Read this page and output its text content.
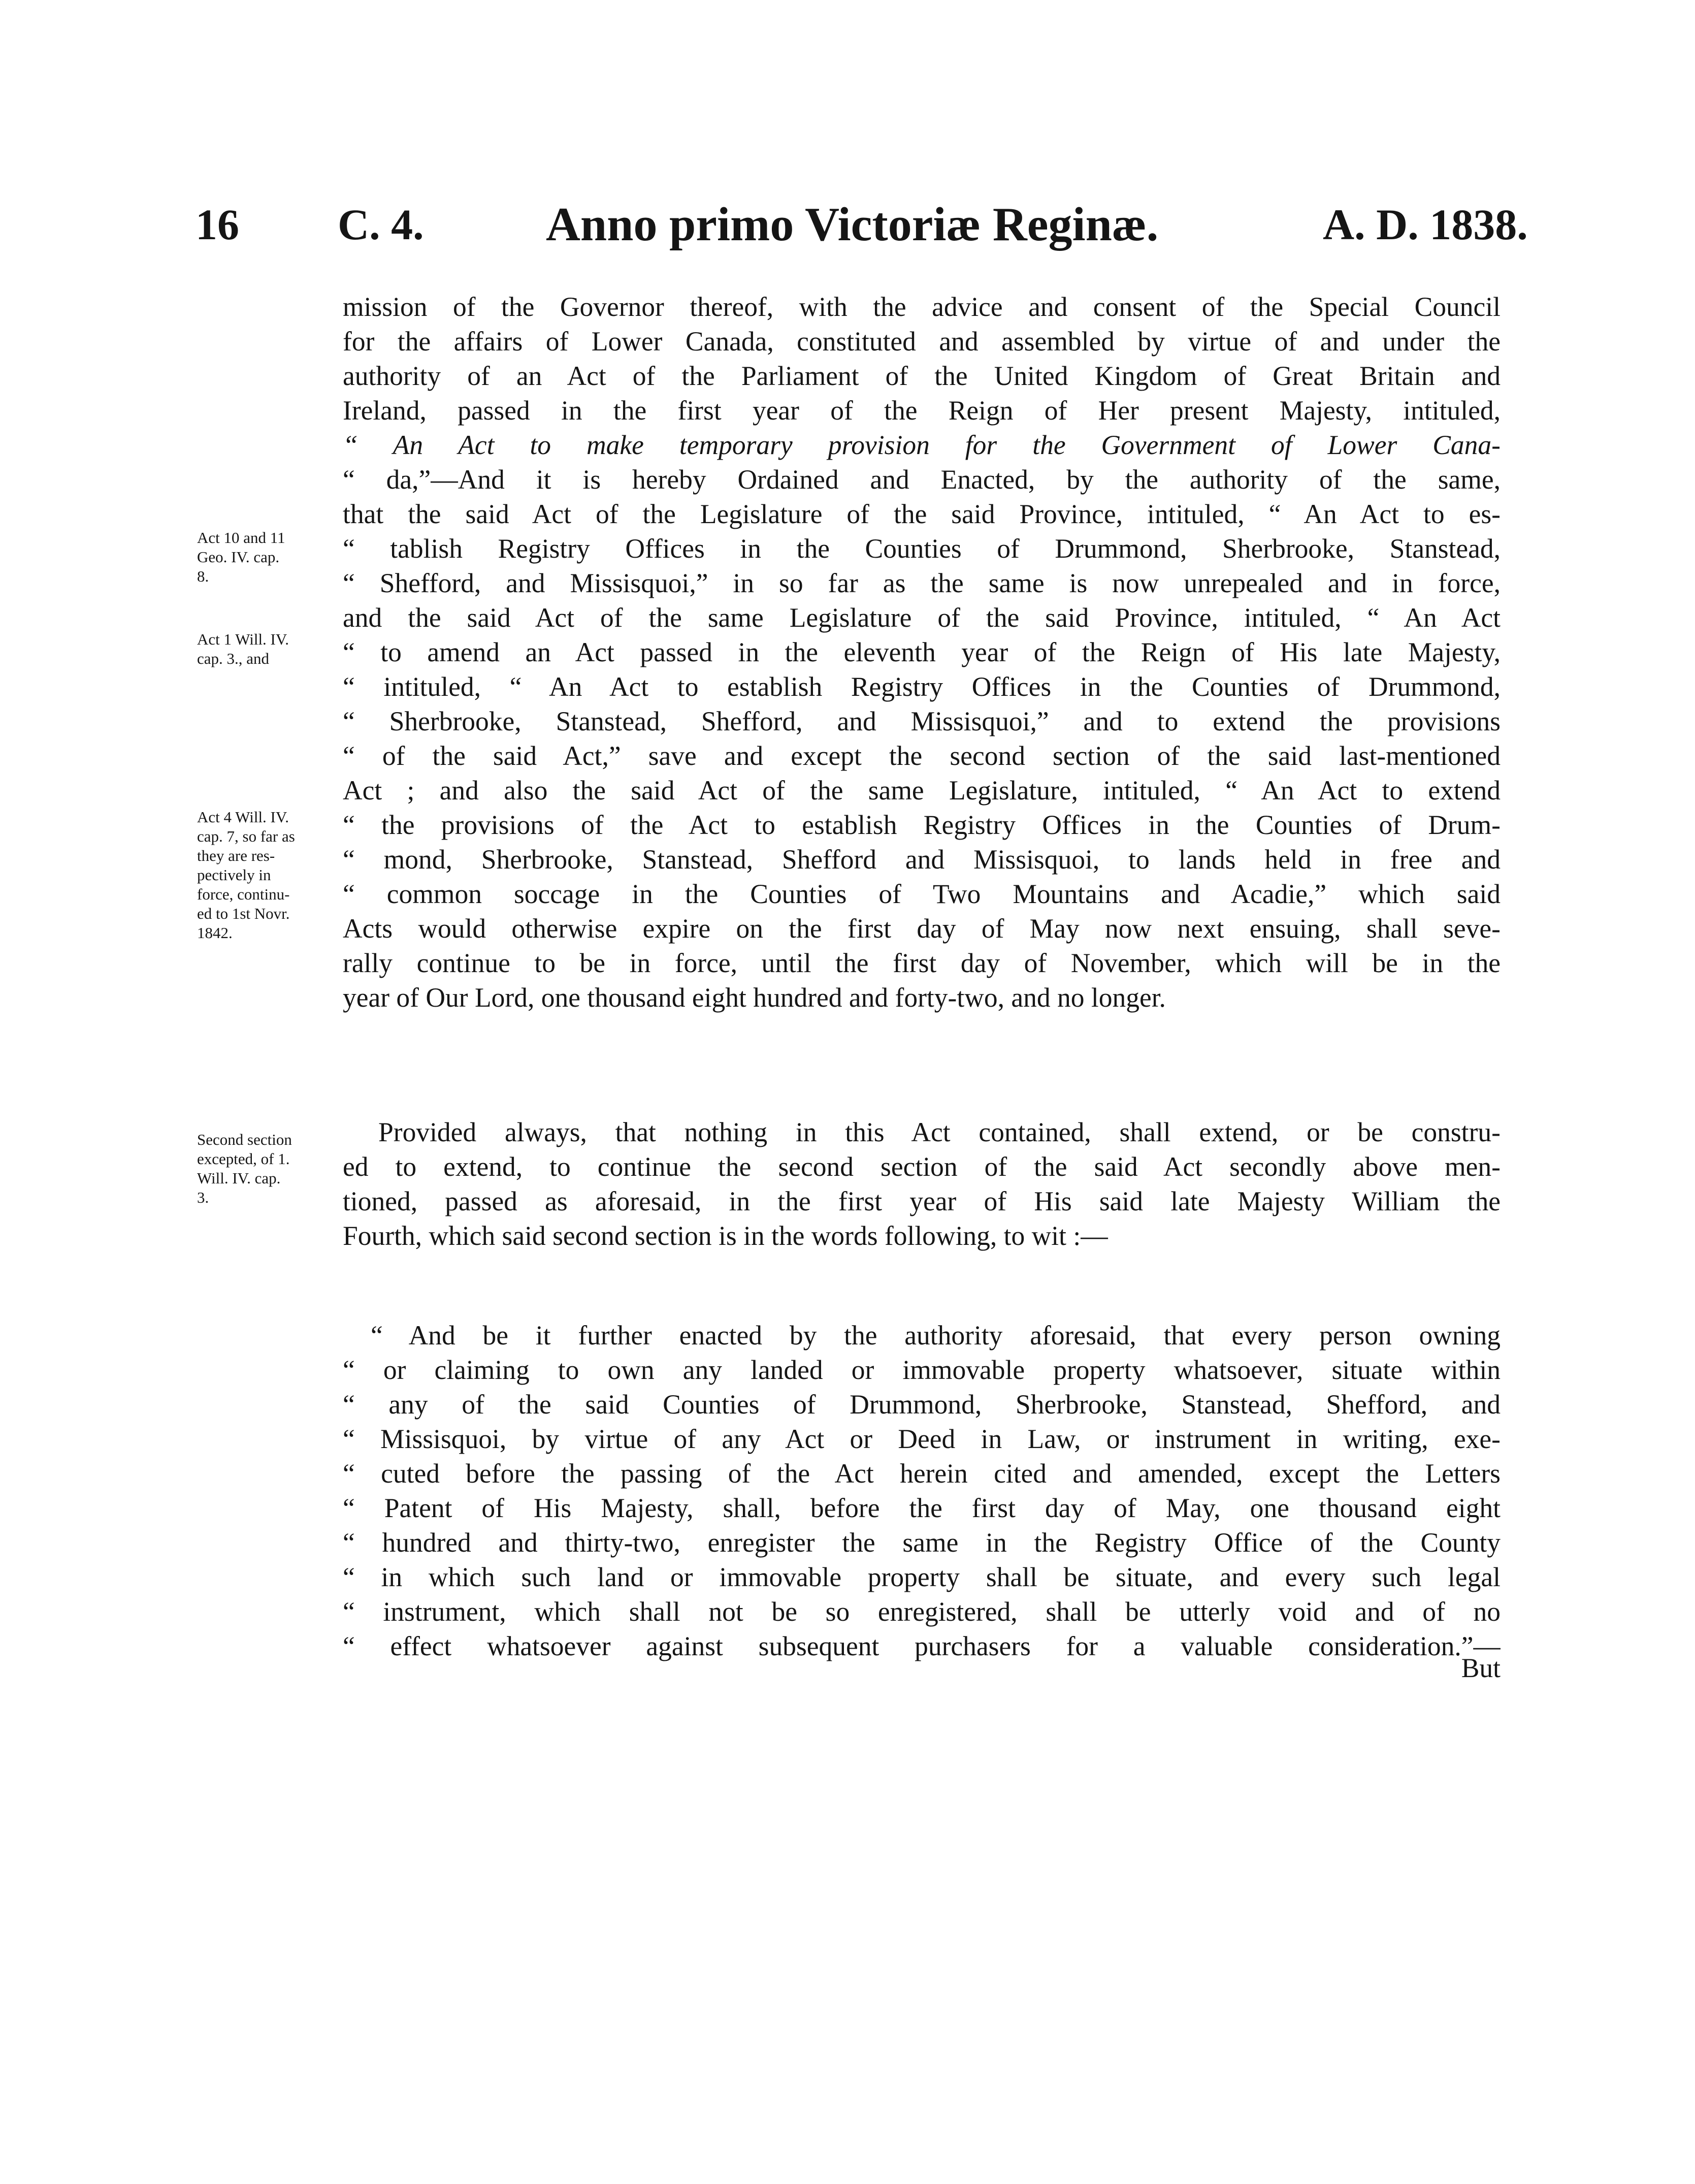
16 C. 4.	Anno primo Victoriæ Reginæ.	A. D. 1838.
Act 10 and 11
Geo. IV. cap.
8.
Act 1 Will. IV.
cap. 3., and
Act 4 Will. IV.
cap. 7, so far as
they are res-
pectively in
force, continu-
ed to 1st Novr.
1842.
Second section
excepted, of 1.
Will. IV. cap.
3.
mission of the Governor thereof, with the advice and consent of the Special Council
for the affairs of Lower Canada, constituted and assembled by virtue of and under the
authority of an Act of the Parliament of the United Kingdom of Great Britain and
Ireland, passed in the first year of the Reign of Her present Majesty, intituled,
“ An Act to make temporary provision for the Government of Lower Cana-
“ da,”—And it is hereby Ordained and Enacted, by the authority of the same,
that the said Act of the Legislature of the said Province, intituled, “ An Act to es-
“ tablish Registry Offices in the Counties of Drummond, Sherbrooke, Stanstead,
“ Shefford, and Missisquoi,” in so far as the same is now unrepealed and in force,
and the said Act of the same Legislature of the said Province, intituled, “ An Act
“ to amend an Act passed in the eleventh year of the Reign of His late Majesty,
“ intituled, “ An Act to establish Registry Offices in the Counties of Drummond,
“ Sherbrooke, Stanstead, Shefford, and Missisquoi,” and to extend the provisions
“ of the said Act,” save and except the second section of the said last-mentioned
Act ; and also the said Act of the same Legislature, intituled, “ An Act to extend
“ the provisions of the Act to establish Registry Offices in the Counties of Drum-
“ mond, Sherbrooke, Stanstead, Shefford and Missisquoi, to lands held in free and
“ common soccage in the Counties of Two Mountains and Acadie,” which said
Acts would otherwise expire on the first day of May now next ensuing, shall seve-
rally continue to be in force, until the first day of November, which will be in the
year of Our Lord, one thousand eight hundred and forty-two, and no longer.
Provided always, that nothing in this Act contained, shall extend, or be constru-
ed to extend, to continue the second section of the said Act secondly above men-
tioned, passed as aforesaid, in the first year of His said late Majesty William the
Fourth, which said second section is in the words following, to wit :—
“ And be it further enacted by the authority aforesaid, that every person owning
“ or claiming to own any landed or immovable property whatsoever, situate within
“ any of the said Counties of Drummond, Sherbrooke, Stanstead, Shefford, and
“ Missisquoi, by virtue of any Act or Deed in Law, or instrument in writing, exe-
“ cuted before the passing of the Act herein cited and amended, except the Letters
“ Patent of His Majesty, shall, before the first day of May, one thousand eight
“ hundred and thirty-two, enregister the same in the Registry Office of the County
“ in which such land or immovable property shall be situate, and every such legal
“ instrument, which shall not be so enregistered, shall be utterly void and of no
“ effect whatsoever against subsequent purchasers for a valuable consideration.”—
But
